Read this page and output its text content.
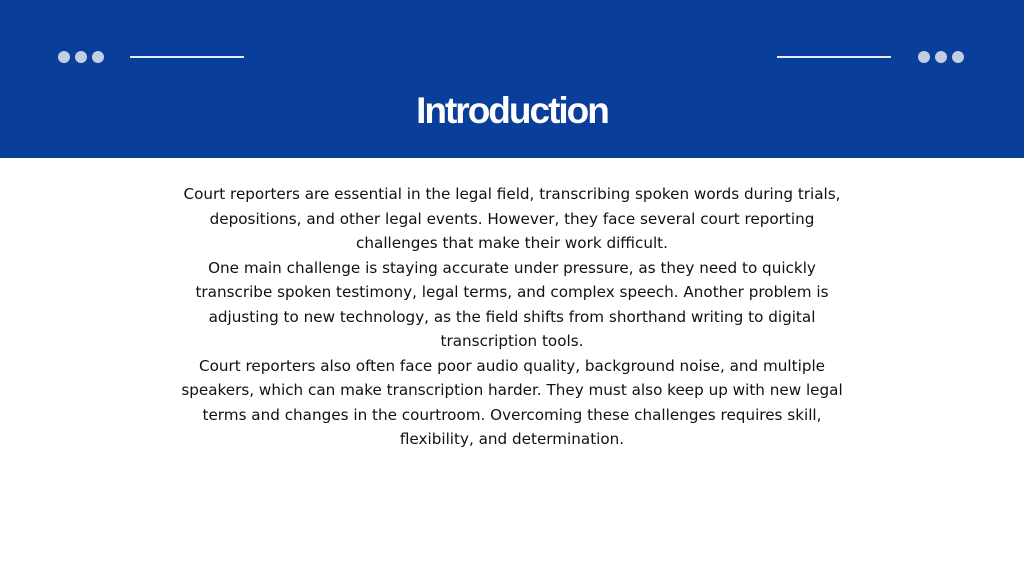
Introduction

Court reporters are essential in the legal field, transcribing spoken words during trials, depositions, and other legal events. However, they face several court reporting challenges that make their work difficult.

One main challenge is staying accurate under pressure, as they need to quickly transcribe spoken testimony, legal terms, and complex speech. Another problem is adjusting to new technology, as the field shifts from shorthand writing to digital transcription tools.

Court reporters also often face poor audio quality, background noise, and multiple speakers, which can make transcription harder. They must also keep up with new legal terms and changes in the courtroom. Overcoming these challenges requires skill, flexibility, and determination.
